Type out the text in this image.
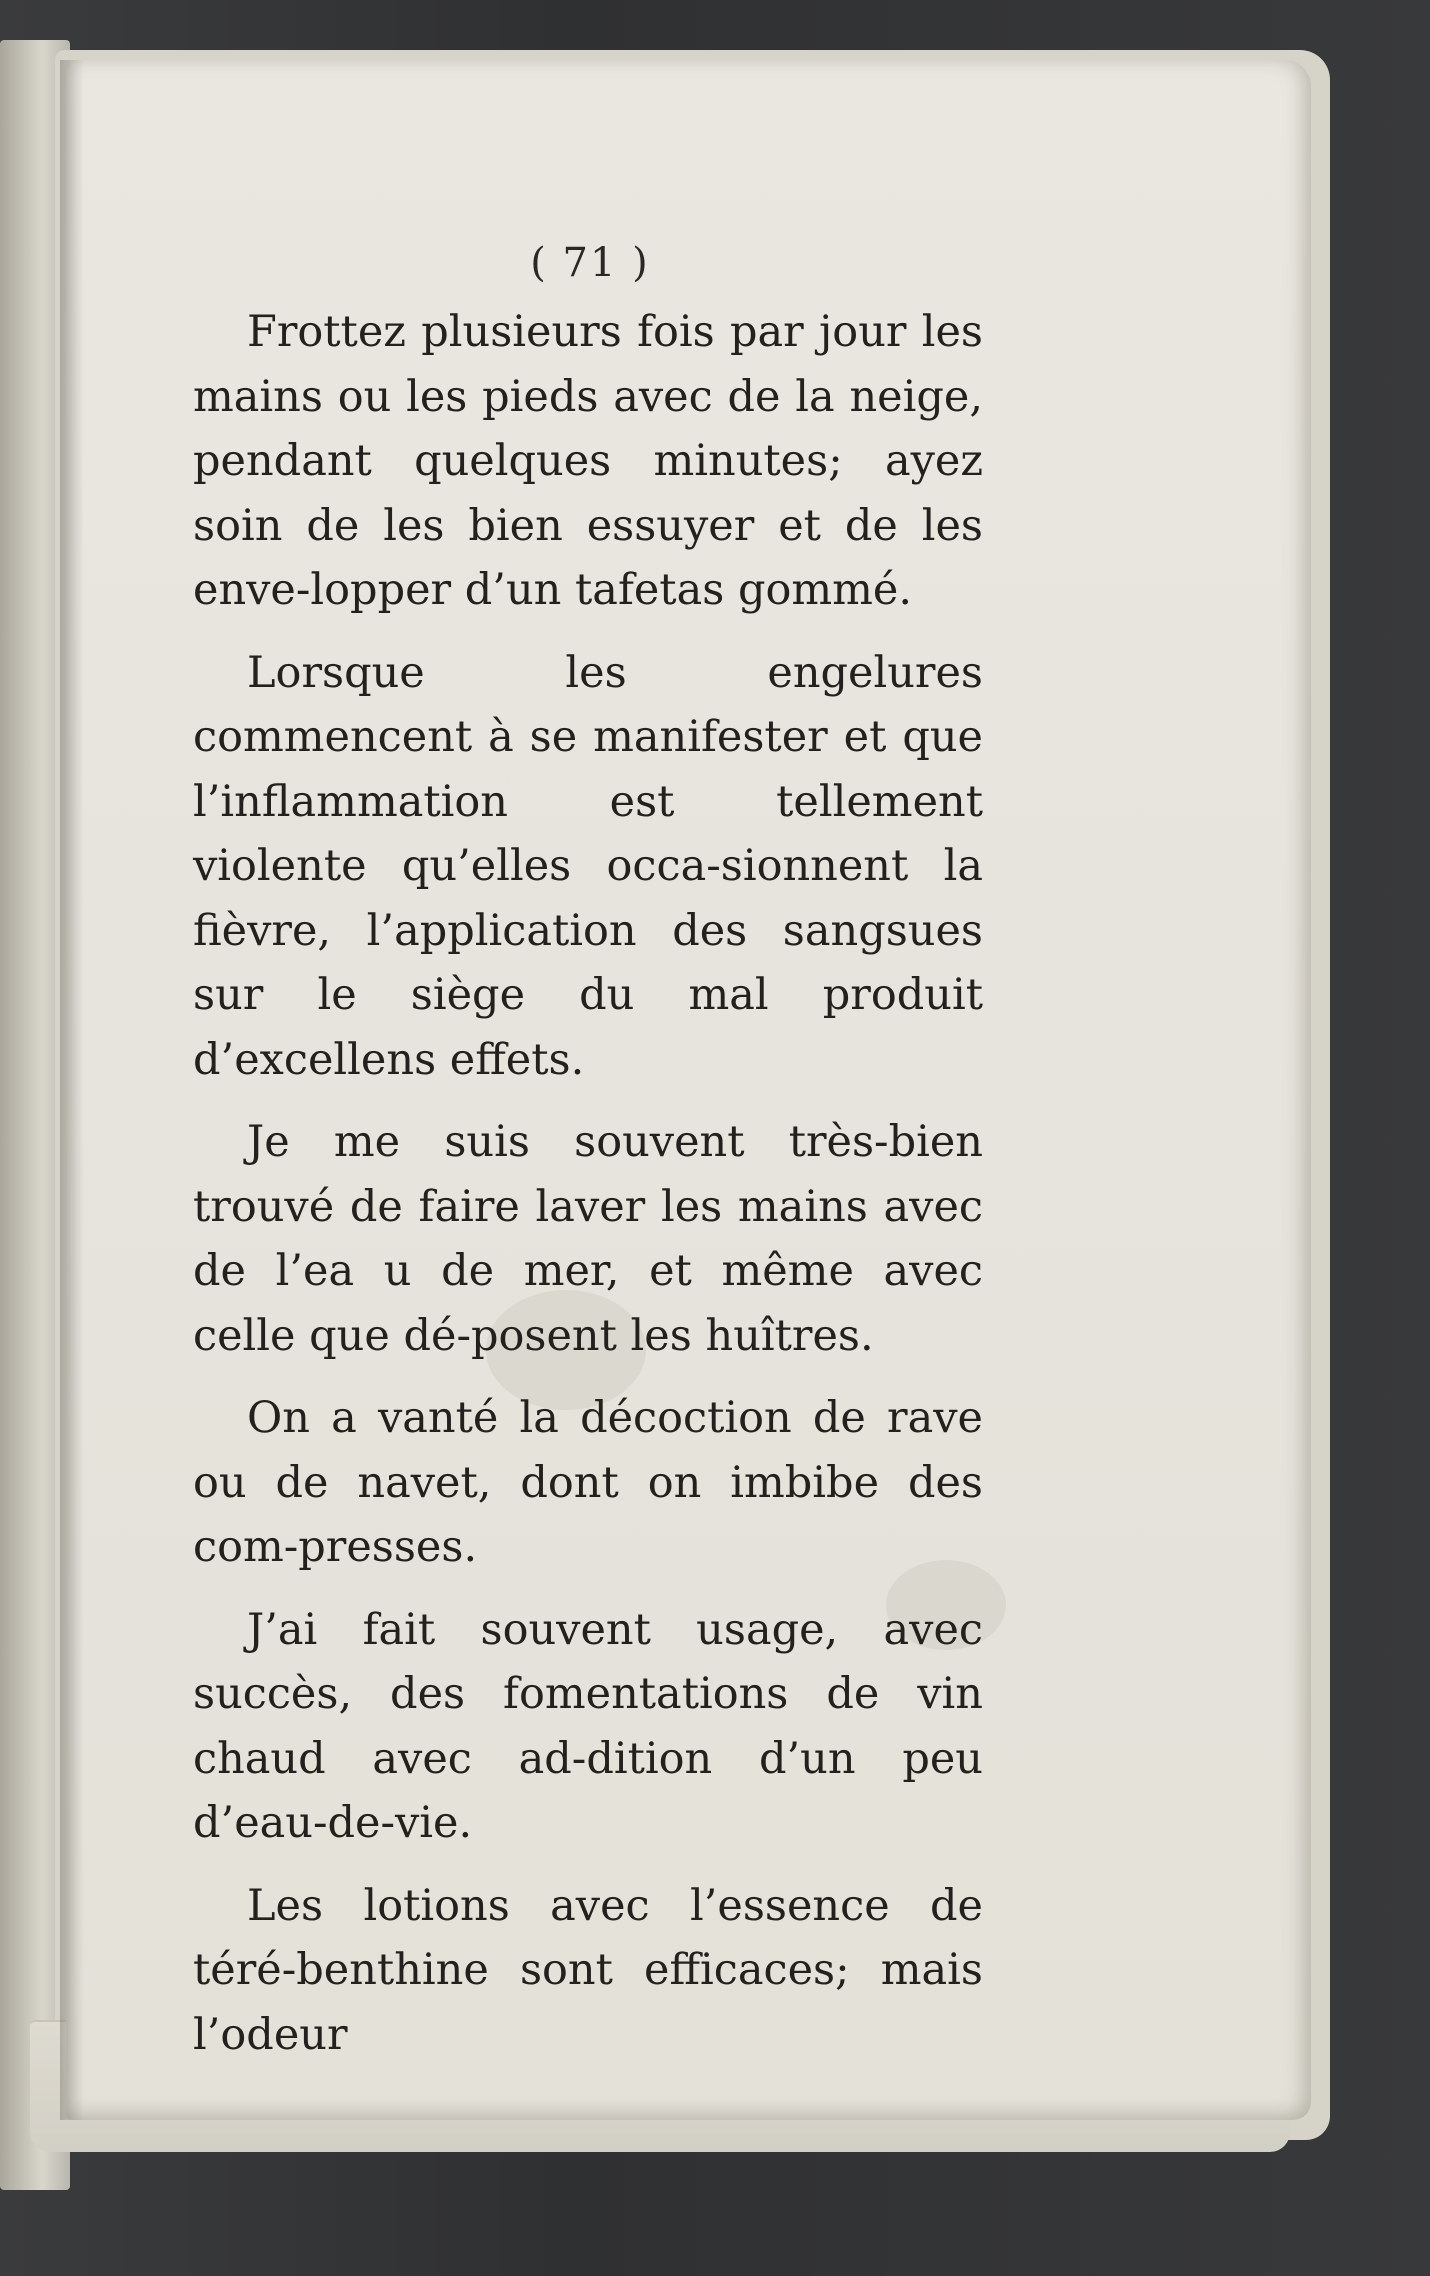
( 71 )

Frottez plusieurs fois par jour les mains ou les pieds avec de la neige, pendant quelques minutes; ayez soin de les bien essuyer et de les enve-lopper d’un tafetas gommé.

Lorsque les engelures commencent à se manifester et que l’inflammation est tellement violente qu’elles occa-sionnent la fièvre, l’application des sangsues sur le siège du mal produit d’excellens effets.

Je me suis souvent très-bien trouvé de faire laver les mains avec de l’ea u de mer, et même avec celle que dé-posent les huîtres.

On a vanté la décoction de rave ou de navet, dont on imbibe des com-presses.

J’ai fait souvent usage, avec succès, des fomentations de vin chaud avec ad-dition d’un peu d’eau-de-vie.

Les lotions avec l’essence de téré-benthine sont efficaces; mais l’odeur
